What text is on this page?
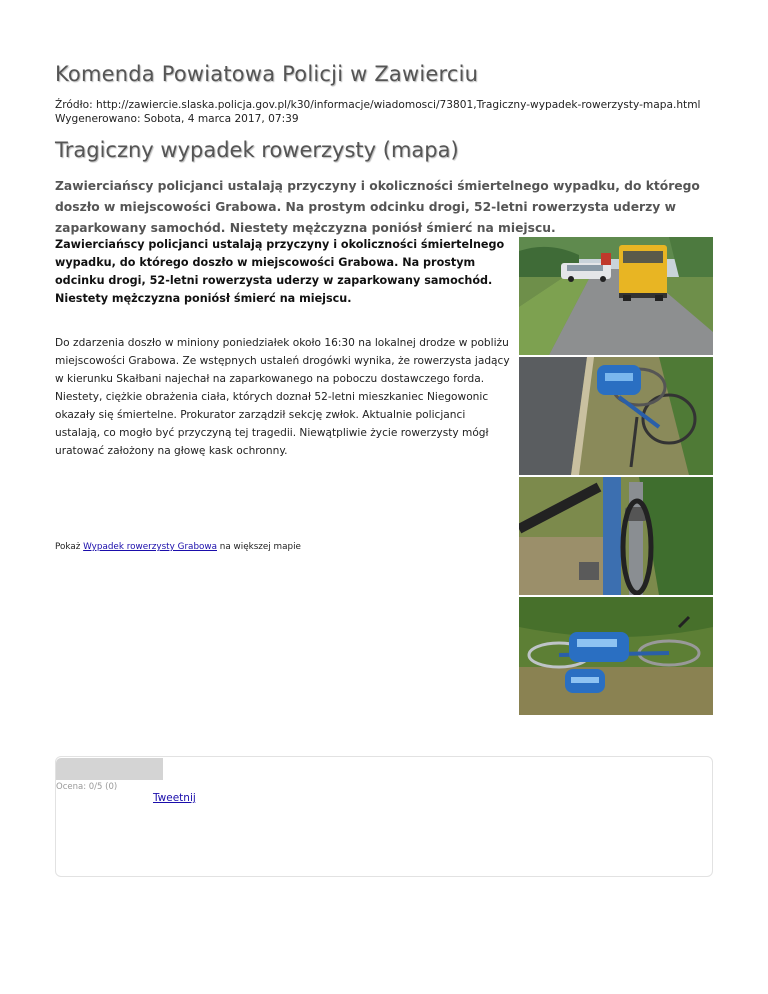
Komenda Powiatowa Policji w Zawierciu
Źródło: http://zawiercie.slaska.policja.gov.pl/k30/informacje/wiadomosci/73801,Tragiczny-wypadek-rowerzysty-mapa.html
Wygenerowano: Sobota, 4 marca 2017, 07:39
Tragiczny wypadek rowerzysty (mapa)
Zawierciańscy policjanci ustalają przyczyny i okoliczności śmiertelnego wypadku, do którego doszło w miejscowości Grabowa. Na prostym odcinku drogi, 52-letni rowerzysta uderzy w zaparkowany samochód. Niestety mężczyzna poniósł śmierć na miejscu.
Zawierciańscy policjanci ustalają przyczyny i okoliczności śmiertelnego wypadku, do którego doszło w miejscowości Grabowa. Na prostym odcinku drogi, 52-letni rowerzysta uderzy w zaparkowany samochód. Niestety mężczyzna poniósł śmierć na miejscu.
Do zdarzenia doszło w miniony poniedziałek około 16:30 na lokalnej drodze w pobliżu miejscowości Grabowa. Ze wstępnych ustaleń drogówki wynika, że rowerzysta jadący w kierunku Skałbani najechał na zaparkowanego na poboczu dostawczego forda. Niestety, ciężkie obrażenia ciała, których doznał 52-letni mieszkaniec Niegowonic okazały się śmiertelne. Prokurator zarządził sekcję zwłok. Aktualnie policjanci ustalają, co mogło być przyczyną tej tragedii. Niewątpliwie życie rowerzysty mógł uratować założony na głowę kask ochronny.
Pokaż Wypadek rowerzysty Grabowa na większej mapie
Ocena: 0/5 (0)
Tweetnij
